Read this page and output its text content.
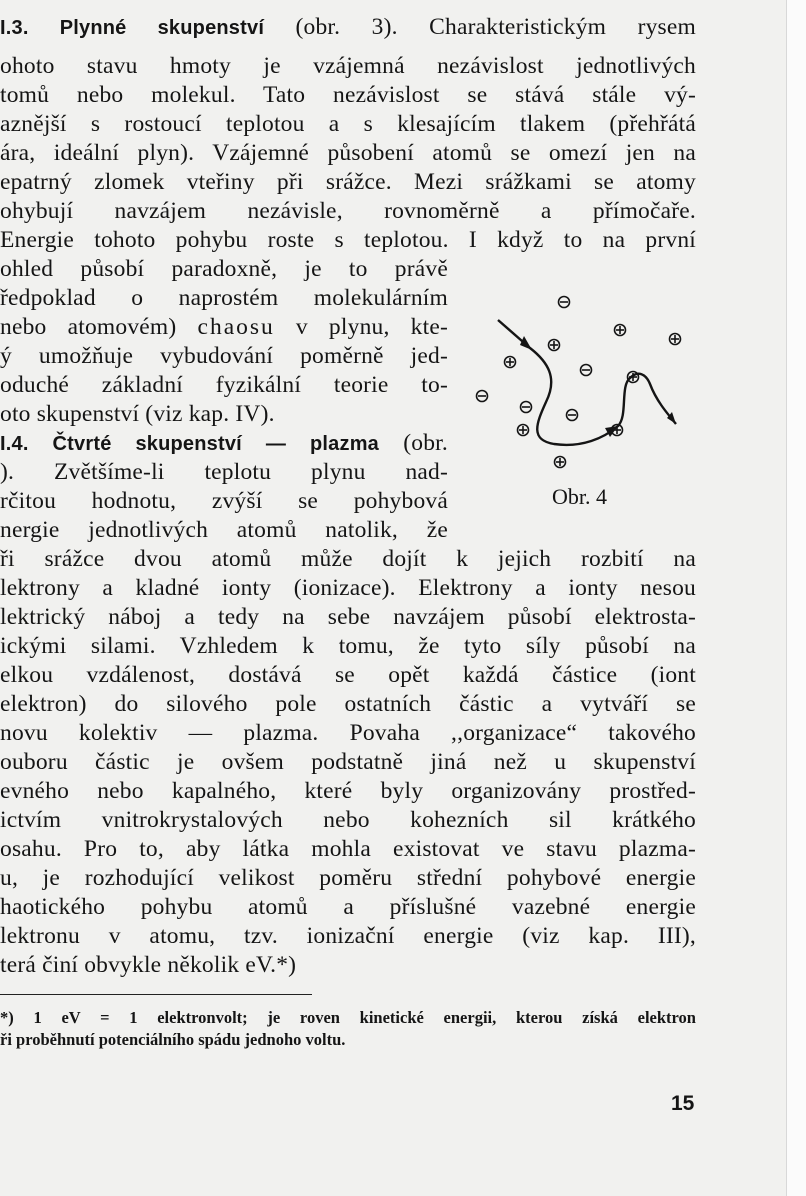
I.3. Plynné skupenství (obr. 3). Charakteristickým rysem
ohoto stavu hmoty je vzájemná nezávislost jednotlivých
tomů nebo molekul. Tato nezávislost se stává stále vý-
aznější s rostoucí teplotou a s klesajícím tlakem (přehřátá
ára, ideální plyn). Vzájemné působení atomů se omezí jen na
epatrný zlomek vteřiny při srážce. Mezi srážkami se atomy
ohybují navzájem nezávisle, rovnoměrně a přímočaře.
Energie tohoto pohybu roste s teplotou. I když to na první
ohled působí paradoxně, je to právě
ředpoklad o naprostém molekulárním
nebo atomovém) chaosu v plynu, kte-
ý umožňuje vybudování poměrně jed-
oduché základní fyzikální teorie to-
oto skupenství (viz kap. IV).
I.4. Čtvrté skupenství — plazma (obr.
). Zvětšíme-li teplotu plynu nad-
rčitou hodnotu, zvýší se pohybová
nergie jednotlivých atomů natolik, že
ři srážce dvou atomů může dojít k jejich rozbití na
lektrony a kladné ionty (ionizace). Elektrony a ionty nesou
lektrický náboj a tedy na sebe navzájem působí elektrosta-
ickými silami. Vzhledem k tomu, že tyto síly působí na
elkou vzdálenost, dostává se opět každá částice (iont
elektron) do silového pole ostatních částic a vytváří se
novu kolektiv — plazma. Povaha ,,organizace“ takového
ouboru částic je ovšem podstatně jiná než u skupenství
evného nebo kapalného, které byly organizovány prostřed-
ictvím vnitrokrystalových nebo kohezních sil krátkého
osahu. Pro to, aby látka mohla existovat ve stavu plazma-
u, je rozhodující velikost poměru střední pohybové energie
haotického pohybu atomů a příslušné vazebné energie
lektronu v atomu, tzv. ionizační energie (viz kap. III),
terá činí obvykle několik eV.*)
Obr. 4
*) 1 eV = 1 elektronvolt; je roven kinetické energii, kterou získá elektron
ři proběhnutí potenciálního spádu jednoho voltu.
15
